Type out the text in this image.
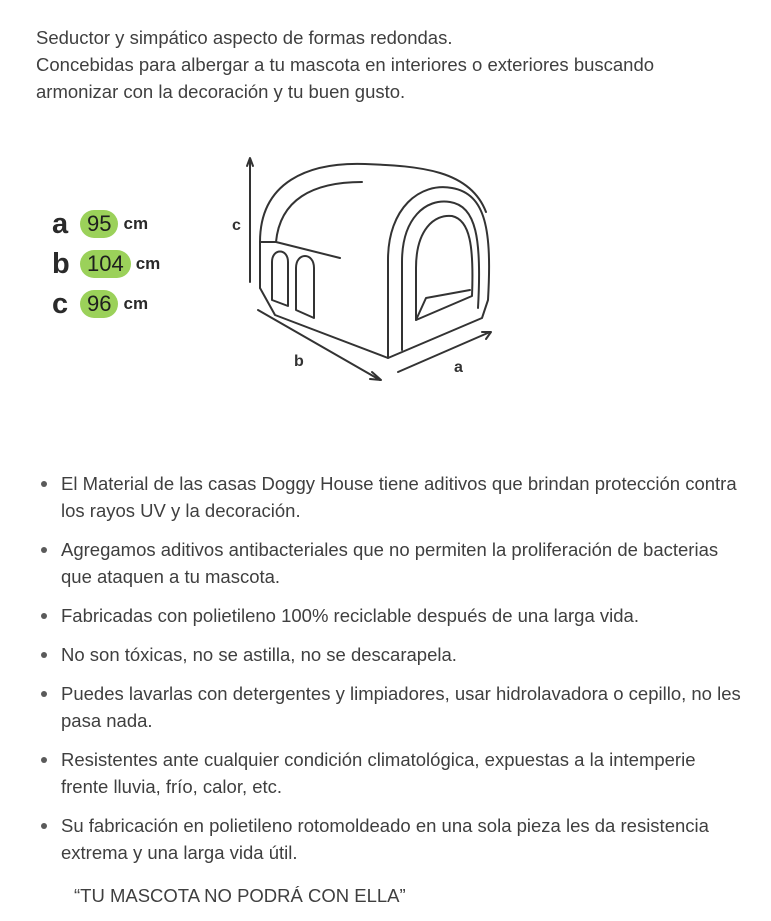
Seductor y simpático aspecto de formas redondas.

Concebidas para albergar a tu mascota en interiores o exteriores buscando armonizar con la decoración y tu buen gusto.

a 95 cm
b 104 cm
c 96 cm
c
b	a
El Material de las casas Doggy House tiene aditivos que brindan protección contra los rayos UV y la decoración.
Agregamos aditivos antibacteriales que no permiten la proliferación de bacterias que ataquen a tu mascota.
Fabricadas con polietileno 100% reciclable después de una larga vida.
No son tóxicas, no se astilla, no se descarapela.
Puedes lavarlas con detergentes y limpiadores, usar hidrolavadora o cepillo, no les pasa nada.
Resistentes ante cualquier condición climatológica, expuestas a la intemperie frente lluvia, frío, calor, etc.
Su fabricación en polietileno rotomoldeado en una sola pieza les da resistencia extrema y una larga vida útil.
“TU MASCOTA NO PODRÁ CON ELLA”
